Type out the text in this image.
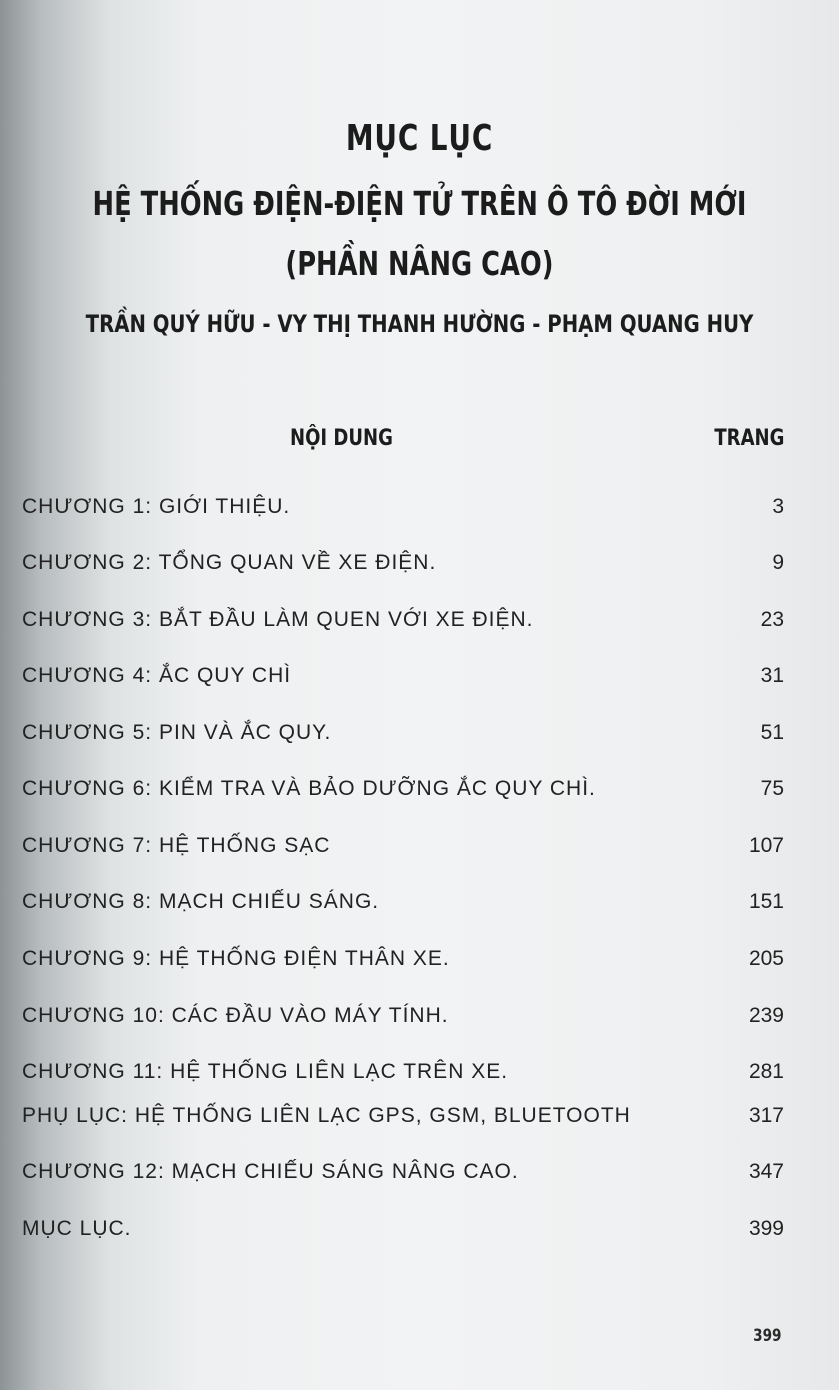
MỤC LỤC
HỆ THỐNG ĐIỆN-ĐIỆN TỬ TRÊN Ô TÔ ĐỜI MỚI
(PHẦN NÂNG CAO)
TRẦN QUÝ HỮU - VY THỊ THANH HƯỜNG - PHẠM QUANG HUY
NỘI DUNG	TRANG
CHƯƠNG 1: GIỚI THIỆU.	3
CHƯƠNG 2: TỔNG QUAN VỀ XE ĐIỆN.	9
CHƯƠNG 3: BẮT ĐẦU LÀM QUEN VỚI XE ĐIỆN.	23
CHƯƠNG 4: ẮC QUY CHÌ	31
CHƯƠNG 5: PIN VÀ ẮC QUY.	51
CHƯƠNG 6: KIỂM TRA VÀ BẢO DƯỠNG ẮC QUY CHÌ.	75
CHƯƠNG 7: HỆ THỐNG SẠC	107
CHƯƠNG 8: MẠCH CHIẾU SÁNG.	151
CHƯƠNG 9: HỆ THỐNG ĐIỆN THÂN XE.	205
CHƯƠNG 10: CÁC ĐẦU VÀO MÁY TÍNH.	239
CHƯƠNG 11: HỆ THỐNG LIÊN LẠC TRÊN XE.	281
PHỤ LỤC: HỆ THỐNG LIÊN LẠC GPS, GSM, BLUETOOTH	317
CHƯƠNG 12: MẠCH CHIẾU SÁNG NÂNG CAO.	347
MỤC LỤC.	399
399
